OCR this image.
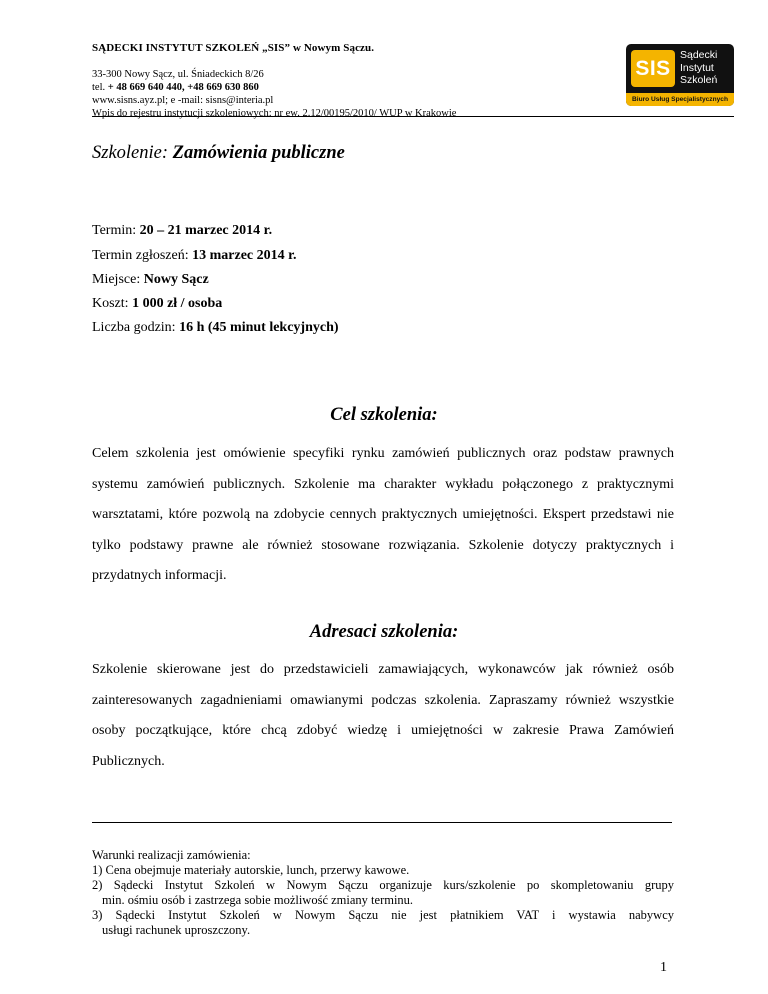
SĄDECKI INSTYTUT SZKOLEŃ „SIS” w Nowym Sączu.
33-300 Nowy Sącz, ul. Śniadeckich 8/26
tel. + 48 669 640 440, +48 669 630 860
www.sisns.ayz.pl; e -mail: sisns@interia.pl
Wpis do rejestru instytucji szkoleniowych: nr ew. 2.12/00195/2010/ WUP w Krakowie
SIS
Sądecki
Instytut
Szkoleń
Biuro Usług Specjalistycznych
Szkolenie: Zamówienia publiczne
Termin: 20 – 21 marzec 2014 r.
Termin zgłoszeń: 13 marzec 2014 r.
Miejsce: Nowy Sącz
Koszt: 1 000 zł / osoba
Liczba godzin: 16 h (45 minut lekcyjnych)
Cel szkolenia:
Celem szkolenia jest omówienie specyfiki rynku zamówień publicznych oraz podstaw prawnych systemu zamówień publicznych. Szkolenie ma charakter wykładu połączonego z praktycznymi warsztatami, które pozwolą na zdobycie cennych praktycznych umiejętności. Ekspert przedstawi nie tylko podstawy prawne ale również stosowane rozwiązania. Szkolenie dotyczy praktycznych i przydatnych informacji.
Adresaci szkolenia:
Szkolenie skierowane jest do przedstawicieli zamawiających, wykonawców jak również osób zainteresowanych zagadnieniami omawianymi podczas szkolenia. Zapraszamy również wszystkie osoby początkujące, które chcą zdobyć wiedzę i umiejętności w zakresie Prawa Zamówień Publicznych.
Warunki realizacji zamówienia:
1) Cena obejmuje materiały autorskie, lunch, przerwy kawowe.
2) Sądecki Instytut Szkoleń w Nowym Sączu organizuje kurs/szkolenie po skompletowaniu grupy
min. ośmiu osób i zastrzega sobie możliwość zmiany terminu.
3) Sądecki Instytut Szkoleń w Nowym Sączu nie jest płatnikiem VAT i wystawia nabywcy
usługi rachunek uproszczony.
1
